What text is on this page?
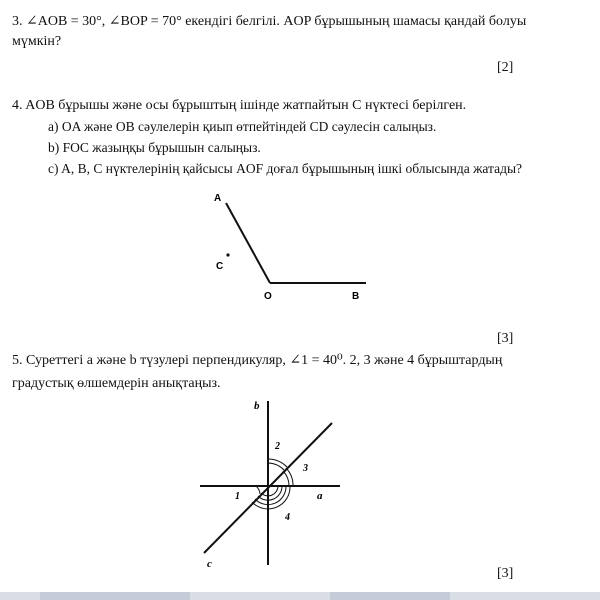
3. ∠AOB = 30°, ∠BOP = 70° екендігі белгілі. AOP бұрышының шамасы қандай болуы
мүмкін?
[2]
4. AOB бұрышы және осы бұрыштың ішінде жатпайтын C нүктесі берілген.
a) OA және OB сәулелерін қиып өтпейтіндей CD сәулесін салыңыз.
b) FOC жазыңқы бұрышын салыңыз.
c) A, B, C нүктелерінің қайсысы AOF доғал бұрышының ішкі облысында жатады?
A
C
O	B
[3]
5. Суреттегі a және b түзулері перпендикуляр, ∠1 = 40⁰. 2, 3 және 4 бұрыштардың
градустық өлшемдерін анықтаңыз.
b
a
c
1
2
3
4
[3]
